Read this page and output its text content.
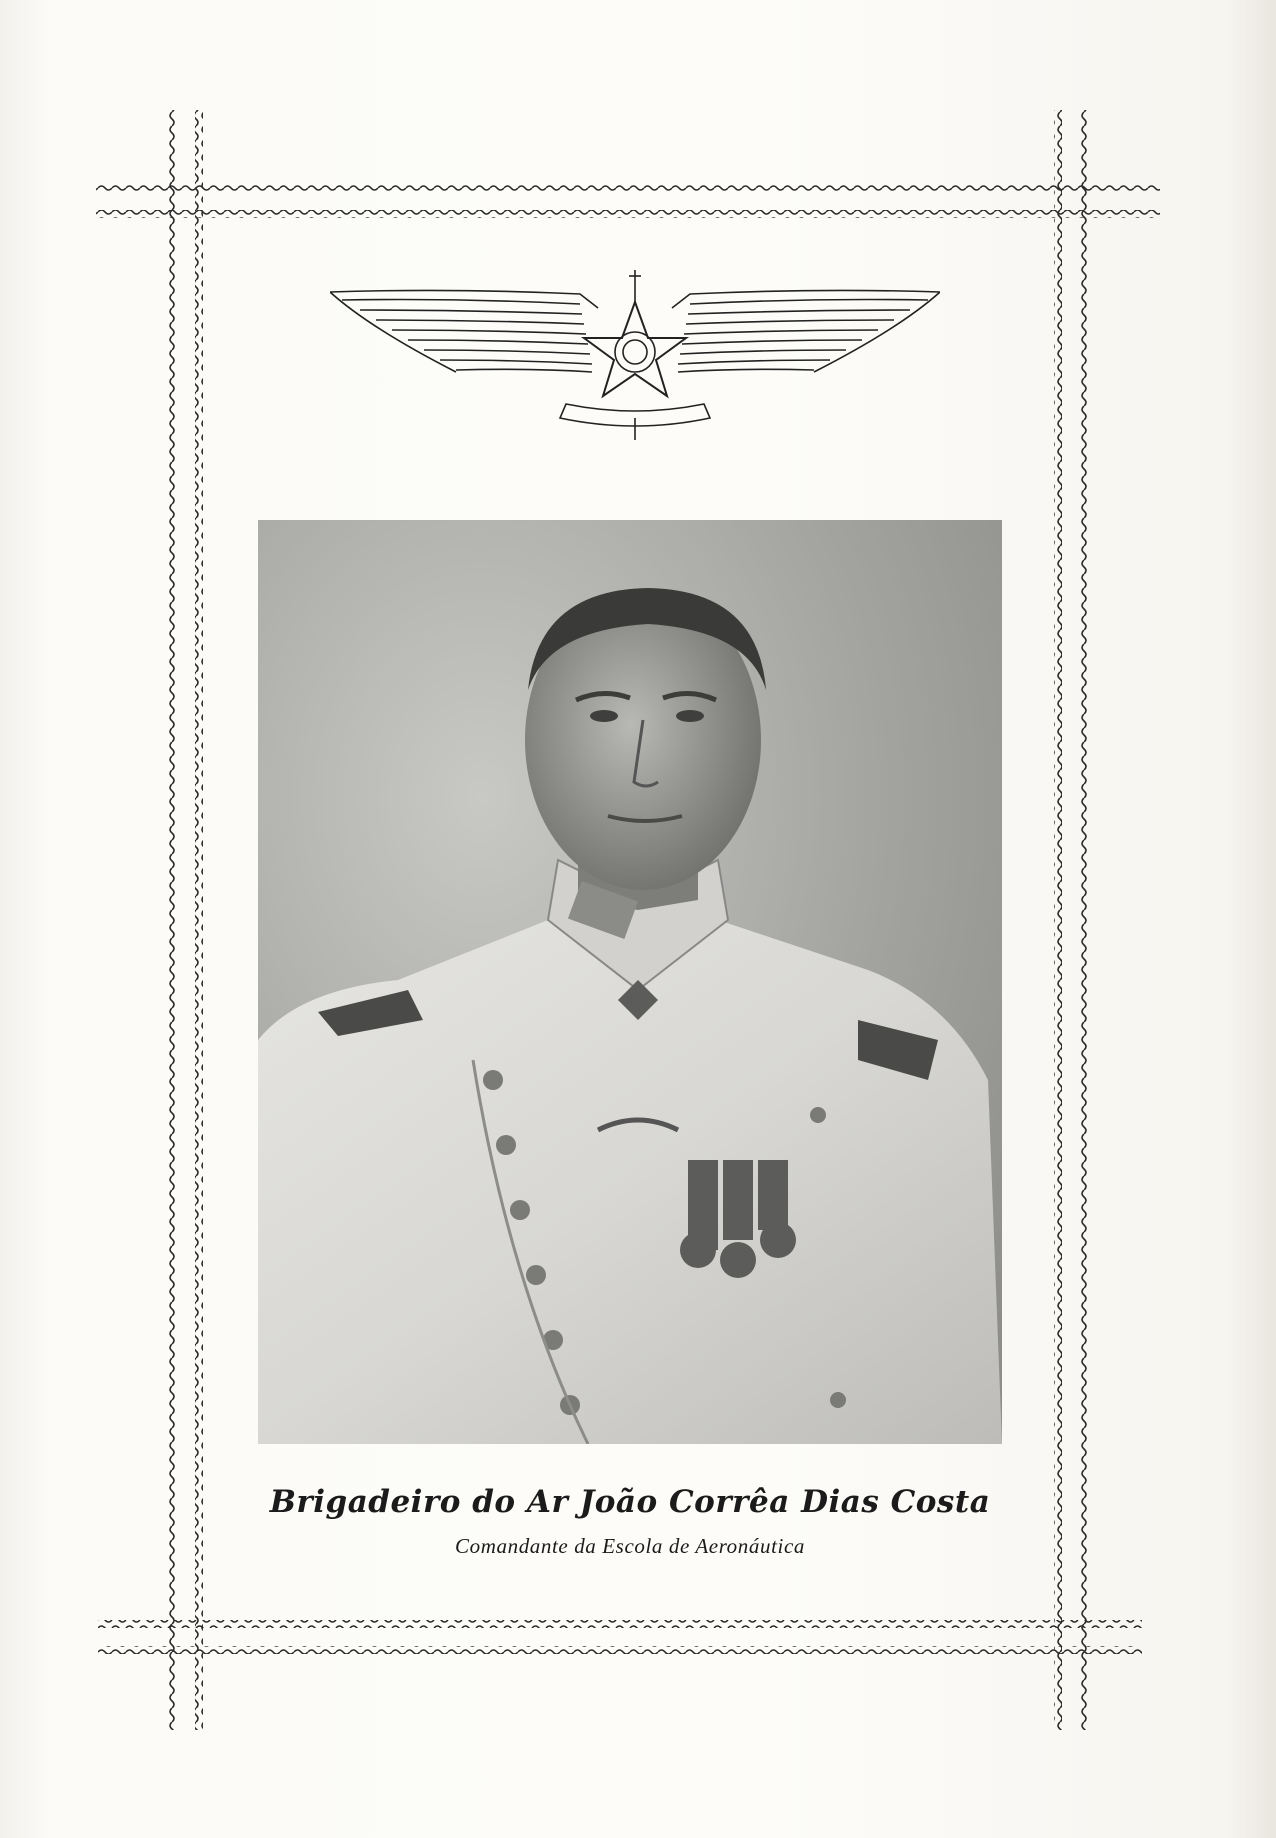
Brigadeiro do Ar João Corrêa Dias Costa
Comandante da Escola de Aeronáutica
